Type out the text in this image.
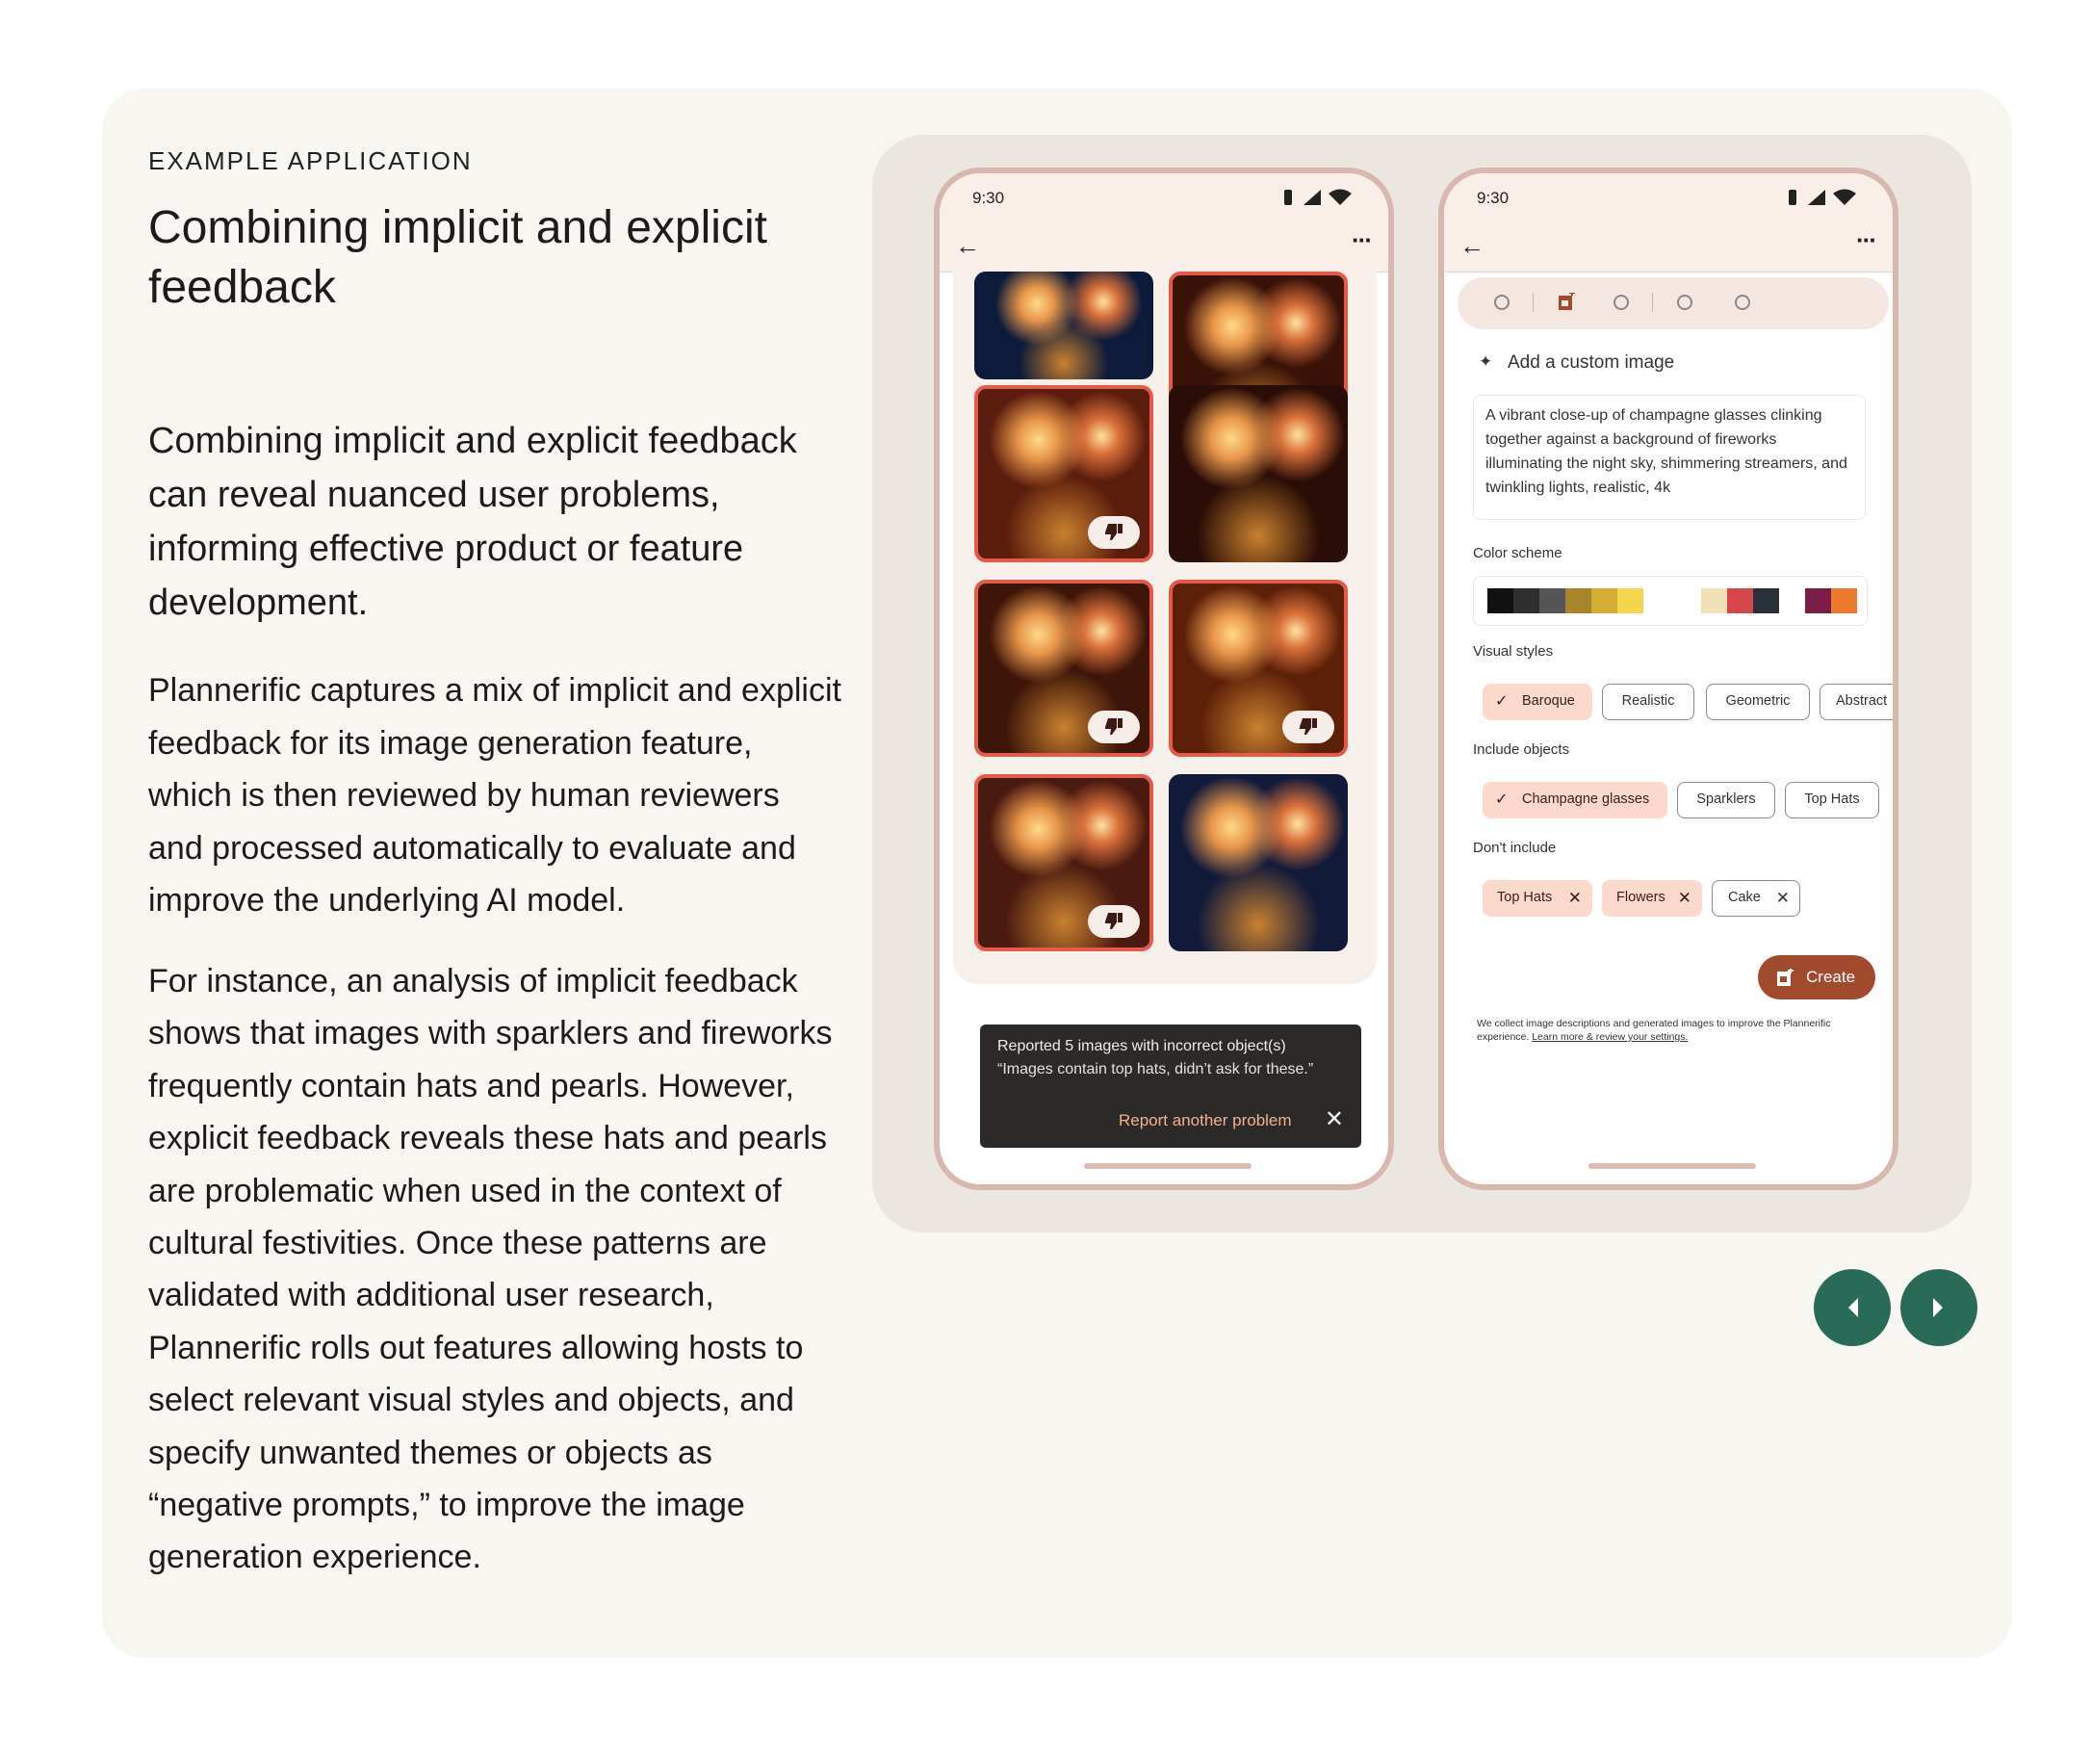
EXAMPLE APPLICATION
Combining implicit and explicit feedback
Combining implicit and explicit feedback can reveal nuanced user problems, informing effective product or feature development.
Plannerific captures a mix of implicit and explicit feedback for its image generation feature, which is then reviewed by human reviewers and processed automatically to evaluate and improve the underlying AI model.
For instance, an analysis of implicit feedback shows that images with sparklers and fireworks frequently contain hats and pearls. However, explicit feedback reveals these hats and pearls are problematic when used in the context of cultural festivities. Once these patterns are validated with additional user research, Plannerific rolls out features allowing hosts to select relevant visual styles and objects, and specify unwanted themes or objects as “negative prompts,” to improve the image generation experience.
9:30
←	···
Reported 5 images with incorrect object(s)
“Images contain top hats, didn’t ask for these.”
Report another problem ✕
9:30
←	···
✦ Add a custom image
A vibrant close-up of champagne glasses clinking together against a background of fireworks illuminating the night sky, shimmering streamers, and twinkling lights, realistic, 4k
Color scheme
Visual styles
✓ Baroque	Realistic	Geometric	Abstract
Include objects
✓ Champagne glasses	Sparklers	Top Hats
Don't include
Top Hats ✕ Flowers ✕	Cake ✕
Create
We collect image descriptions and generated images to improve the Plannerific experience. Learn more & review your settings.
